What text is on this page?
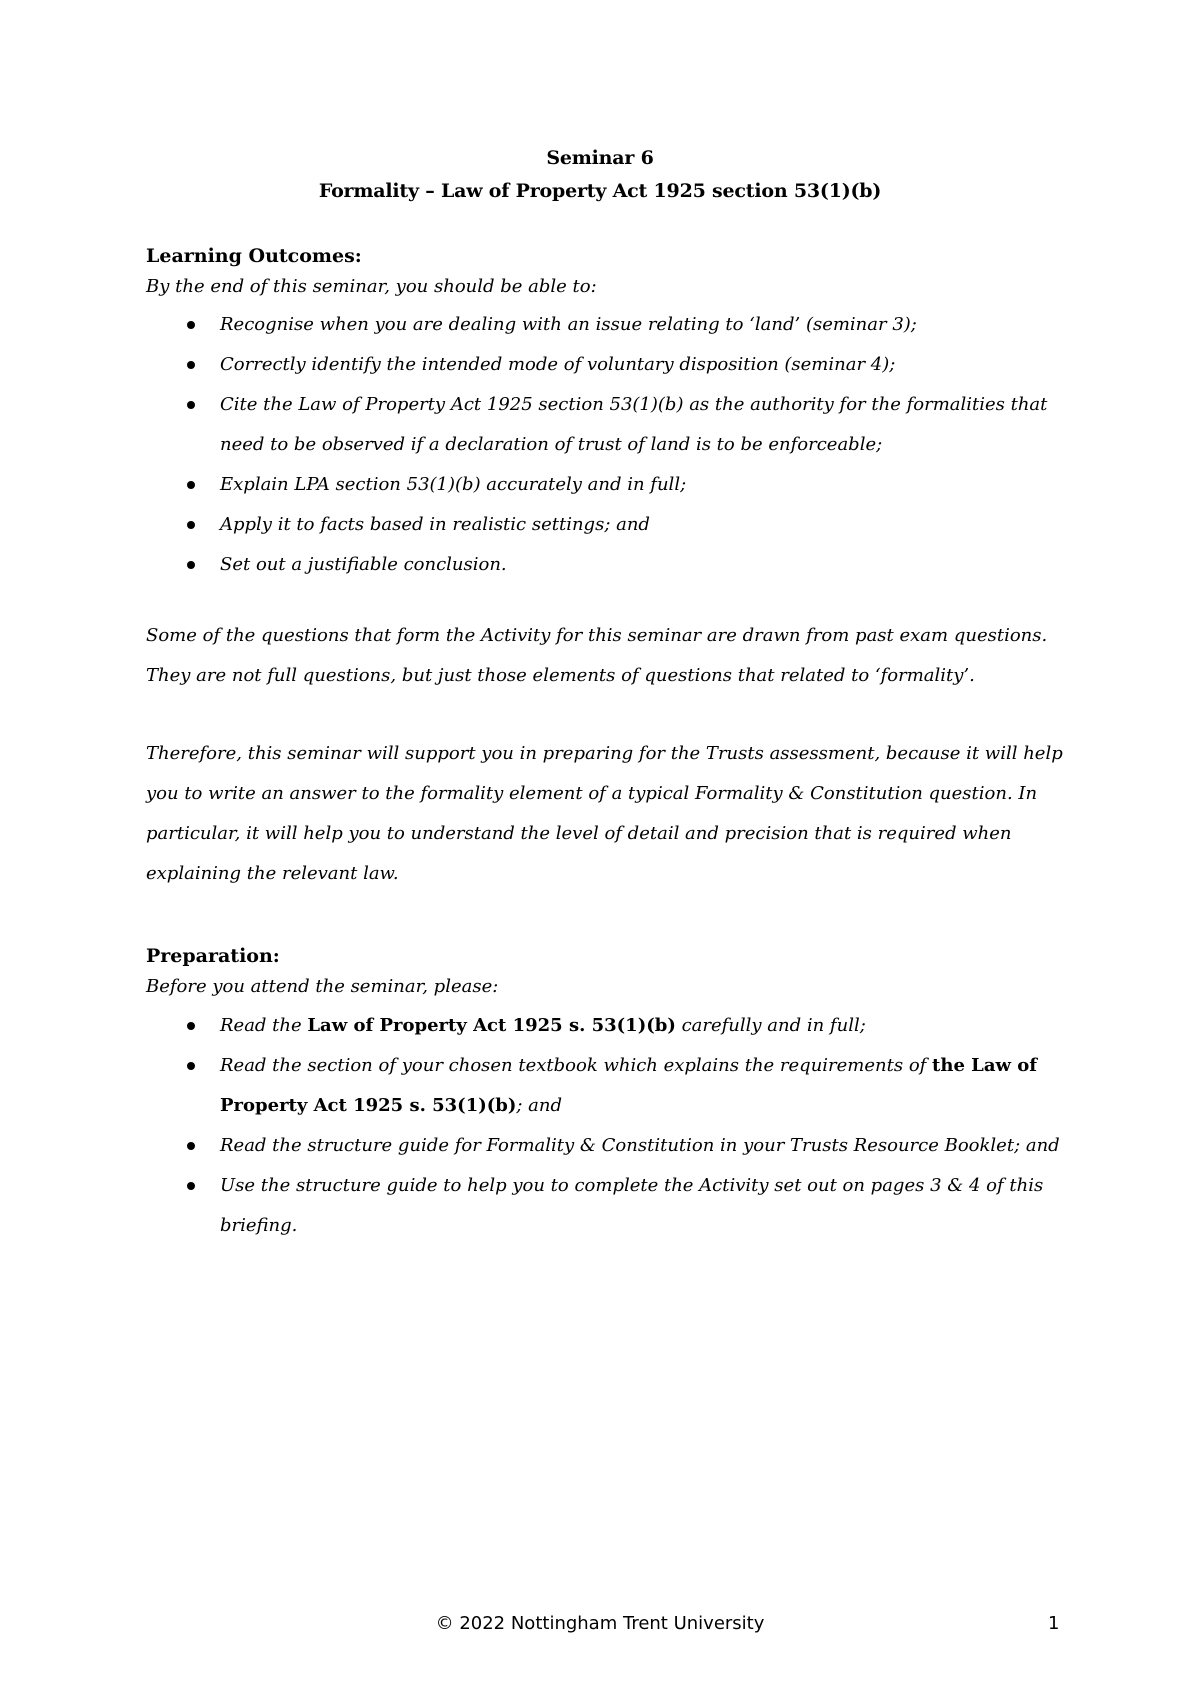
Seminar 6
Formality – Law of Property Act 1925 section 53(1)(b)
Learning Outcomes:
By the end of this seminar, you should be able to:
Recognise when you are dealing with an issue relating to ‘land’ (seminar 3);
Correctly identify the intended mode of voluntary disposition (seminar 4);
Cite the Law of Property Act 1925 section 53(1)(b) as the authority for the formalities that need to be observed if a declaration of trust of land is to be enforceable;
Explain LPA section 53(1)(b) accurately and in full;
Apply it to facts based in realistic settings; and
Set out a justifiable conclusion.

Some of the questions that form the Activity for this seminar are drawn from past exam questions. They are not full questions, but just those elements of questions that related to ‘formality’.

Therefore, this seminar will support you in preparing for the Trusts assessment, because it will help you to write an answer to the formality element of a typical Formality & Constitution question. In particular, it will help you to understand the level of detail and precision that is required when explaining the relevant law.

Preparation:
Before you attend the seminar, please:
Read the Law of Property Act 1925 s. 53(1)(b) carefully and in full;
Read the section of your chosen textbook which explains the requirements of the Law of Property Act 1925 s. 53(1)(b); and
Read the structure guide for Formality & Constitution in your Trusts Resource Booklet; and
Use the structure guide to help you to complete the Activity set out on pages 3 & 4 of this briefing.
© 2022 Nottingham Trent University	1
